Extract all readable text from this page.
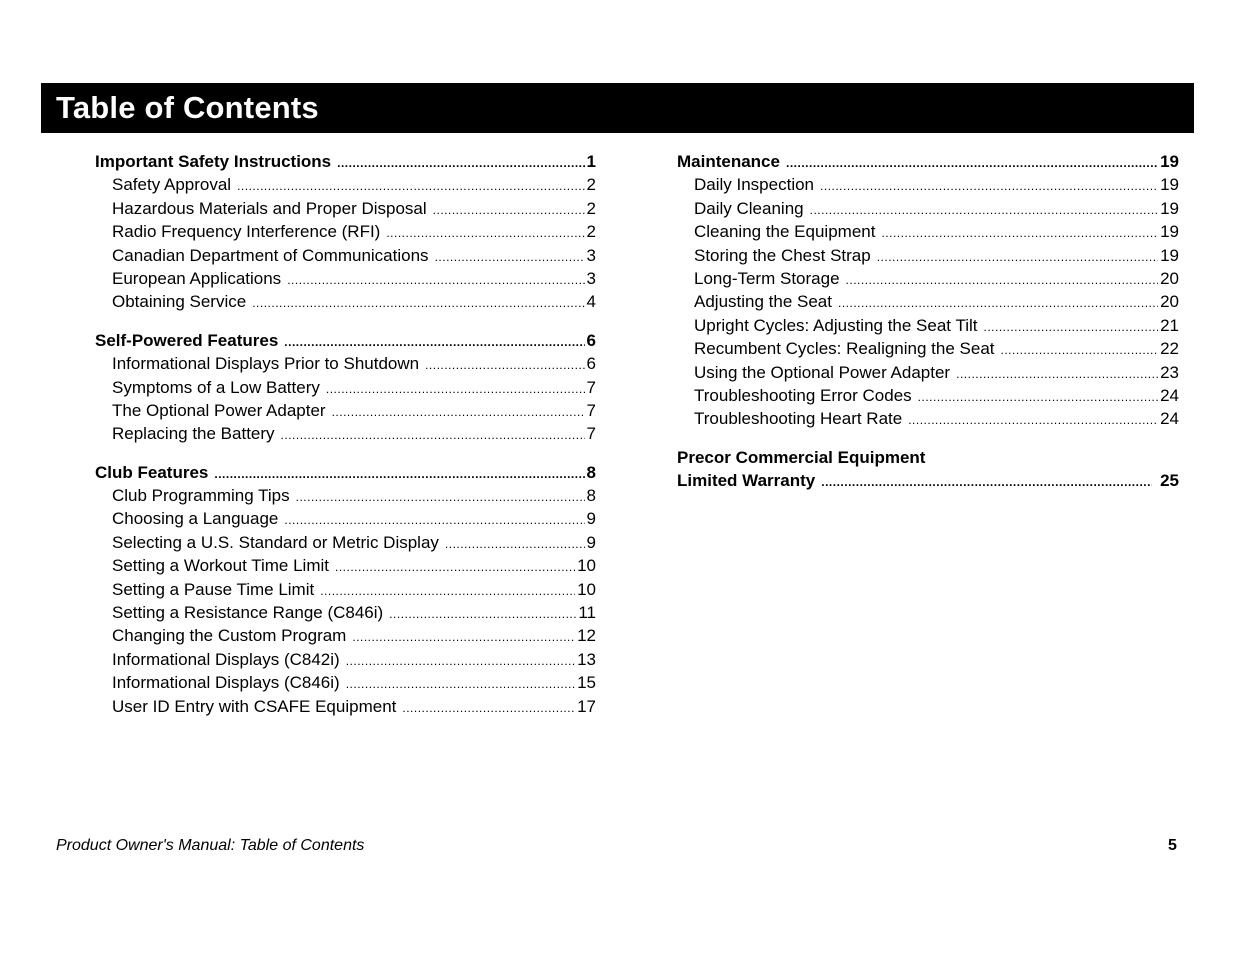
Table of Contents
Important Safety Instructions .....	1
Safety Approval .....	2
Hazardous Materials and Proper Disposal .....	2
Radio Frequency Interference (RFI) .....	2
Canadian Department of Communications .....	3
European Applications .....	3
Obtaining Service .....	4
Self-Powered Features .....	6
Informational Displays Prior to Shutdown .....	6
Symptoms of a Low Battery .....	7
The Optional Power Adapter .....	7
Replacing the Battery .....	7
Club Features .....	8
Club Programming Tips .....	8
Choosing a Language .....	9
Selecting a U.S. Standard or Metric Display .....	9
Setting a Workout Time Limit .....	10
Setting a Pause Time Limit .....	10
Setting a Resistance Range (C846i) .....	11
Changing the Custom Program .....	12
Informational Displays (C842i) .....	13
Informational Displays (C846i) .....	15
User ID Entry with CSAFE Equipment .....	17
Maintenance .....	19
Daily Inspection .....	19
Daily Cleaning .....	19
Cleaning the Equipment .....	19
Storing the Chest Strap .....	19
Long-Term Storage .....	20
Adjusting the Seat .....	20
Upright Cycles: Adjusting the Seat Tilt .....	21
Recumbent Cycles: Realigning the Seat .....	22
Using the Optional Power Adapter .....	23
Troubleshooting Error Codes .....	24
Troubleshooting Heart Rate .....	24
Precor Commercial Equipment
Limited Warranty .....	25
Product Owner's Manual: Table of Contents	5
